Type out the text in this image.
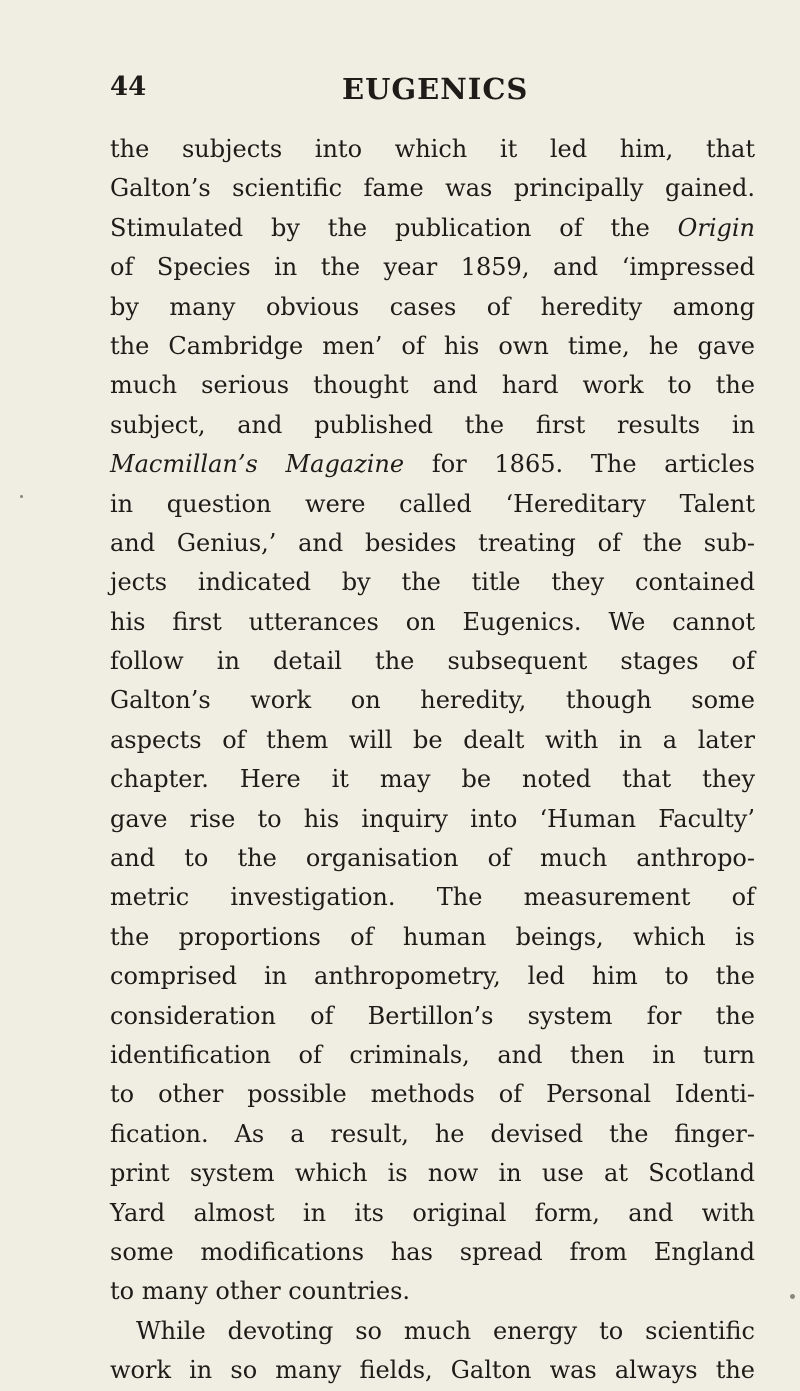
44	EUGENICS
the subjects into which it led him, that
Galton’s scientific fame was principally gained.
Stimulated by the publication of the Origin
of Species in the year 1859, and ‘impressed
by many obvious cases of heredity among
the Cambridge men’ of his own time, he gave
much serious thought and hard work to the
subject, and published the first results in
Macmillan’s Magazine for 1865. The articles
in question were called ‘Hereditary Talent
and Genius,’ and besides treating of the sub-
jects indicated by the title they contained
his first utterances on Eugenics. We cannot
follow in detail the subsequent stages of
Galton’s work on heredity, though some
aspects of them will be dealt with in a later
chapter. Here it may be noted that they
gave rise to his inquiry into ‘Human Faculty’
and to the organisation of much anthropo-
metric investigation. The measurement of
the proportions of human beings, which is
comprised in anthropometry, led him to the
consideration of Bertillon’s system for the
identification of criminals, and then in turn
to other possible methods of Personal Identi-
fication. As a result, he devised the finger-
print system which is now in use at Scotland
Yard almost in its original form, and with
some modifications has spread from England
to many other countries.
While devoting so much energy to scientific
work in so many fields, Galton was always the
